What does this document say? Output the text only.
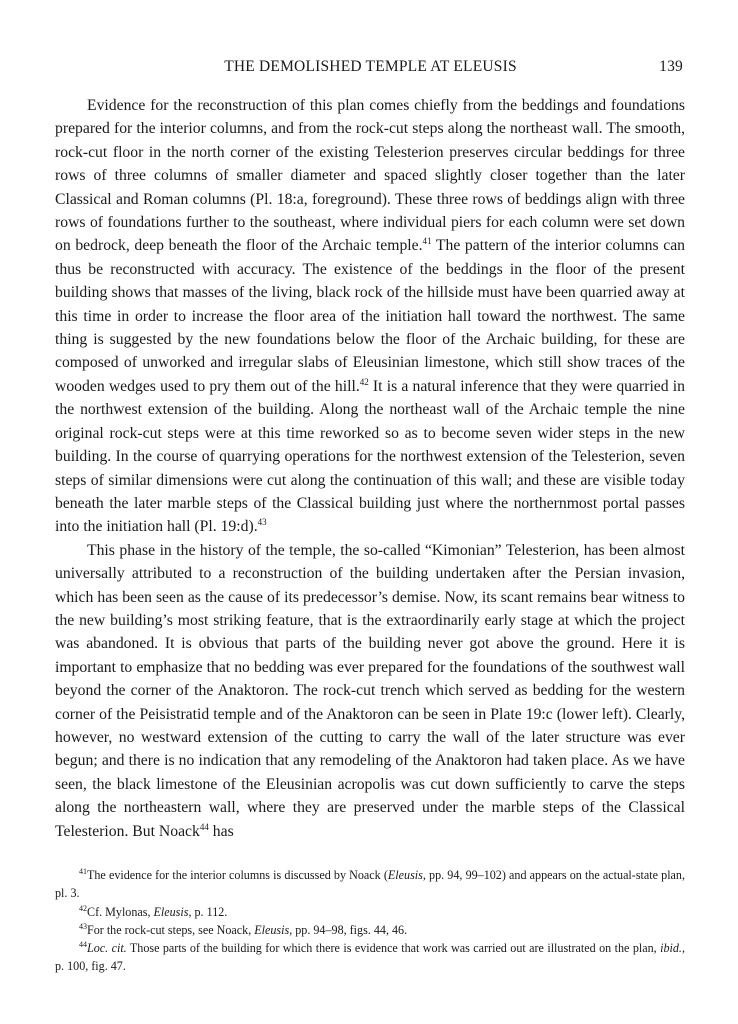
THE DEMOLISHED TEMPLE AT ELEUSIS	139

Evidence for the reconstruction of this plan comes chiefly from the beddings and foundations prepared for the interior columns, and from the rock-cut steps along the northeast wall. The smooth, rock-cut floor in the north corner of the existing Telesterion preserves circular beddings for three rows of three columns of smaller diameter and spaced slightly closer together than the later Classical and Roman columns (Pl. 18:a, foreground). These three rows of beddings align with three rows of foundations further to the southeast, where individual piers for each column were set down on bedrock, deep beneath the floor of the Archaic temple.$^{41}$ The pattern of the interior columns can thus be reconstructed with accuracy. The existence of the beddings in the floor of the present building shows that masses of the living, black rock of the hillside must have been quarried away at this time in order to increase the floor area of the initiation hall toward the northwest. The same thing is suggested by the new foundations below the floor of the Archaic building, for these are composed of unworked and irregular slabs of Eleusinian limestone, which still show traces of the wooden wedges used to pry them out of the hill.$^{42}$ It is a natural inference that they were quarried in the northwest extension of the building. Along the northeast wall of the Archaic temple the nine original rock-cut steps were at this time reworked so as to become seven wider steps in the new building. In the course of quarrying operations for the northwest extension of the Telesterion, seven steps of similar dimensions were cut along the continuation of this wall; and these are visible today beneath the later marble steps of the Classical building just where the northernmost portal passes into the initiation hall (Pl. 19:d).$^{43}$

This phase in the history of the temple, the so-called “Kimonian” Telesterion, has been almost universally attributed to a reconstruction of the building undertaken after the Persian invasion, which has been seen as the cause of its predecessor’s demise. Now, its scant remains bear witness to the new building’s most striking feature, that is the extraordinarily early stage at which the project was abandoned. It is obvious that parts of the building never got above the ground. Here it is important to emphasize that no bedding was ever prepared for the foundations of the southwest wall beyond the corner of the Anaktoron. The rock-cut trench which served as bedding for the western corner of the Peisistratid temple and of the Anaktoron can be seen in Plate 19:c (lower left). Clearly, however, no westward extension of the cutting to carry the wall of the later structure was ever begun; and there is no indication that any remodeling of the Anaktoron had taken place. As we have seen, the black limestone of the Eleusinian acropolis was cut down sufficiently to carve the steps along the northeastern wall, where they are preserved under the marble steps of the Classical Telesterion. But Noack$^{44}$ has

$^{41}$The evidence for the interior columns is discussed by Noack (Eleusis, pp. 94, 99–102) and appears on the actual-state plan, pl. 3.

$^{42}$Cf. Mylonas, Eleusis, p. 112.

$^{43}$For the rock-cut steps, see Noack, Eleusis, pp. 94–98, figs. 44, 46.

$^{44}$Loc. cit. Those parts of the building for which there is evidence that work was carried out are illustrated on the plan, ibid., p. 100, fig. 47.
